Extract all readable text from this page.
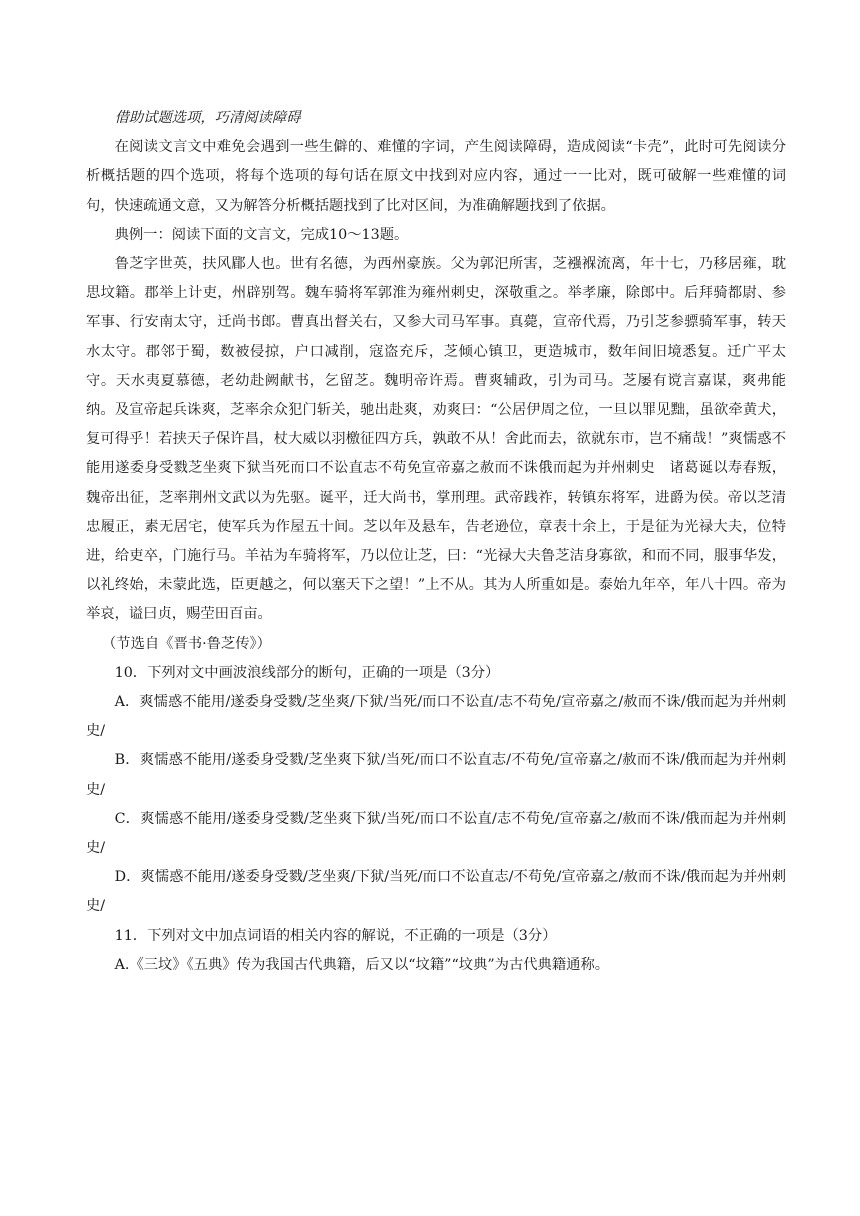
借助试题选项，巧清阅读障碍

在阅读文言文中难免会遇到一些生僻的、难懂的字词，产生阅读障碍，造成阅读“卡壳”，此时可先阅读分析概括题的四个选项，将每个选项的每句话在原文中找到对应内容，通过一一比对，既可破解一些难懂的词句，快速疏通文意，又为解答分析概括题找到了比对区间，为准确解题找到了依据。

典例一：阅读下面的文言文，完成10～13题。

鲁芝字世英，扶风郿人也。世有名德，为西州豪族。父为郭汜所害，芝襁褓流离，年十七，乃移居雍，耽思坟籍。郡举上计吏，州辟别驾。魏车骑将军郭淮为雍州刺史，深敬重之。举孝廉，除郎中。后拜骑都尉、参军事、行安南太守，迁尚书郎。曹真出督关右，又参大司马军事。真薨，宣帝代焉，乃引芝参骠骑军事，转天水太守。郡邻于蜀，数被侵掠，户口减削，寇盗充斥，芝倾心镇卫，更造城市，数年间旧境悉复。迁广平太守。天水夷夏慕德，老幼赴阙献书，乞留芝。魏明帝许焉。曹爽辅政，引为司马。芝屡有谠言嘉谋，爽弗能纳。及宣帝起兵诛爽，芝率余众犯门斩关，驰出赴爽，劝爽曰：“公居伊周之位，一旦以罪见黜，虽欲牵黄犬，复可得乎！若挟天子保许昌，杖大威以羽檄征四方兵，孰敢不从！舍此而去，欲就东市，岂不痛哉！”爽懦惑不能用遂委身受戮芝坐爽下狱当死而口不讼直志不苟免宣帝嘉之赦而不诛俄而起为并州刺史　诸葛诞以寿春叛，魏帝出征，芝率荆州文武以为先驱。诞平，迁大尚书，掌刑理。武帝践祚，转镇东将军，进爵为侯。帝以芝清忠履正，素无居宅，使军兵为作屋五十间。芝以年及悬车，告老逊位，章表十余上，于是征为光禄大夫，位特进，给吏卒，门施行马。羊祜为车骑将军，乃以位让芝，曰：“光禄大夫鲁芝洁身寡欲，和而不同，服事华发，以礼终始，未蒙此选，臣更越之，何以塞天下之望！”上不从。其为人所重如是。泰始九年卒，年八十四。帝为举哀，谥曰贞，赐茔田百亩。

（节选自《晋书·鲁芝传》）

10．下列对文中画波浪线部分的断句，正确的一项是（3分）

A．爽懦惑不能用/遂委身受戮/芝坐爽/下狱/当死/而口不讼直/志不苟免/宣帝嘉之/赦而不诛/俄而起为并州刺史/

B．爽懦惑不能用/遂委身受戮/芝坐爽下狱/当死/而口不讼直志/不苟免/宣帝嘉之/赦而不诛/俄而起为并州刺史/

C．爽懦惑不能用/遂委身受戮/芝坐爽下狱/当死/而口不讼直/志不苟免/宣帝嘉之/赦而不诛/俄而起为并州刺史/

D．爽懦惑不能用/遂委身受戮/芝坐爽/下狱/当死/而口不讼直志/不苟免/宣帝嘉之/赦而不诛/俄而起为并州刺史/

11．下列对文中加点词语的相关内容的解说，不正确的一项是（3分）

A.《三坟》《五典》传为我国古代典籍，后又以“坟籍”“坟典”为古代典籍通称。
